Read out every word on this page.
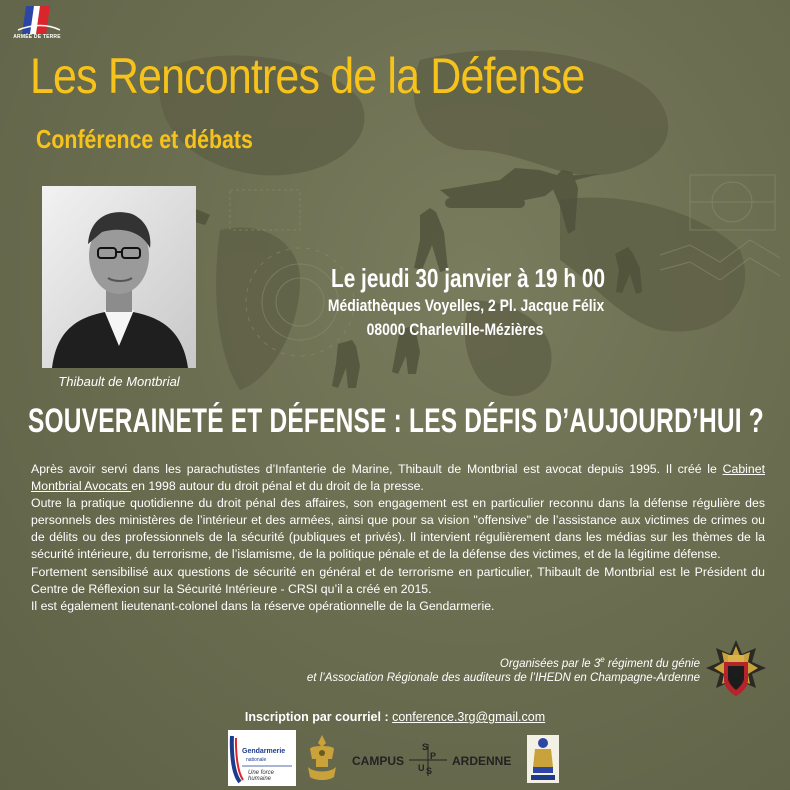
ARMÉE DE TERRE
Les Rencontres de la Défense
Conférence et débats
Thibault de Montbrial
Le jeudi 30 janvier à 19 h 00
Médiathèques Voyelles, 2 Pl. Jacque Félix
08000 Charleville-Mézières
SOUVERAINETÉ ET DÉFENSE : LES DÉFIS D’AUJOURD’HUI ?

Après avoir servi dans les parachutistes d’Infanterie de Marine, Thibault de Montbrial est avocat depuis 1995. Il créé le Cabinet Montbrial Avocats en 1998 autour du droit pénal et du droit de la presse.

Outre la pratique quotidienne du droit pénal des affaires, son engagement est en particulier reconnu dans la défense régulière des personnels des ministères de l’intérieur et des armées, ainsi que pour sa vision "offensive" de l’assistance aux victimes de crimes ou de délits ou des professionnels de la sécurité (publiques et privés). Il intervient régulièrement dans les médias sur les thèmes de la sécurité intérieure, du terrorisme, de l’islamisme, de la politique pénale et de la défense des victimes, et de la légitime défense.

Fortement sensibilisé aux questions de sécurité en général et de terrorisme en particulier, Thibault de Montbrial est le Président du Centre de Réflexion sur la Sécurité Intérieure - CRSI qu’il a créé en 2015.

Il est également lieutenant-colonel dans la réserve opérationnelle de la Gendarmerie.

Organisées par le 3e régiment du génie
et l’Association Régionale des auditeurs de l’IHEDN en Champagne-Ardenne
Inscription par courriel : conference.3rg@gmail.com
Gendarmerie
nationale
Une force humaine
CAMPUS
S
P
U S
ARDENNE
